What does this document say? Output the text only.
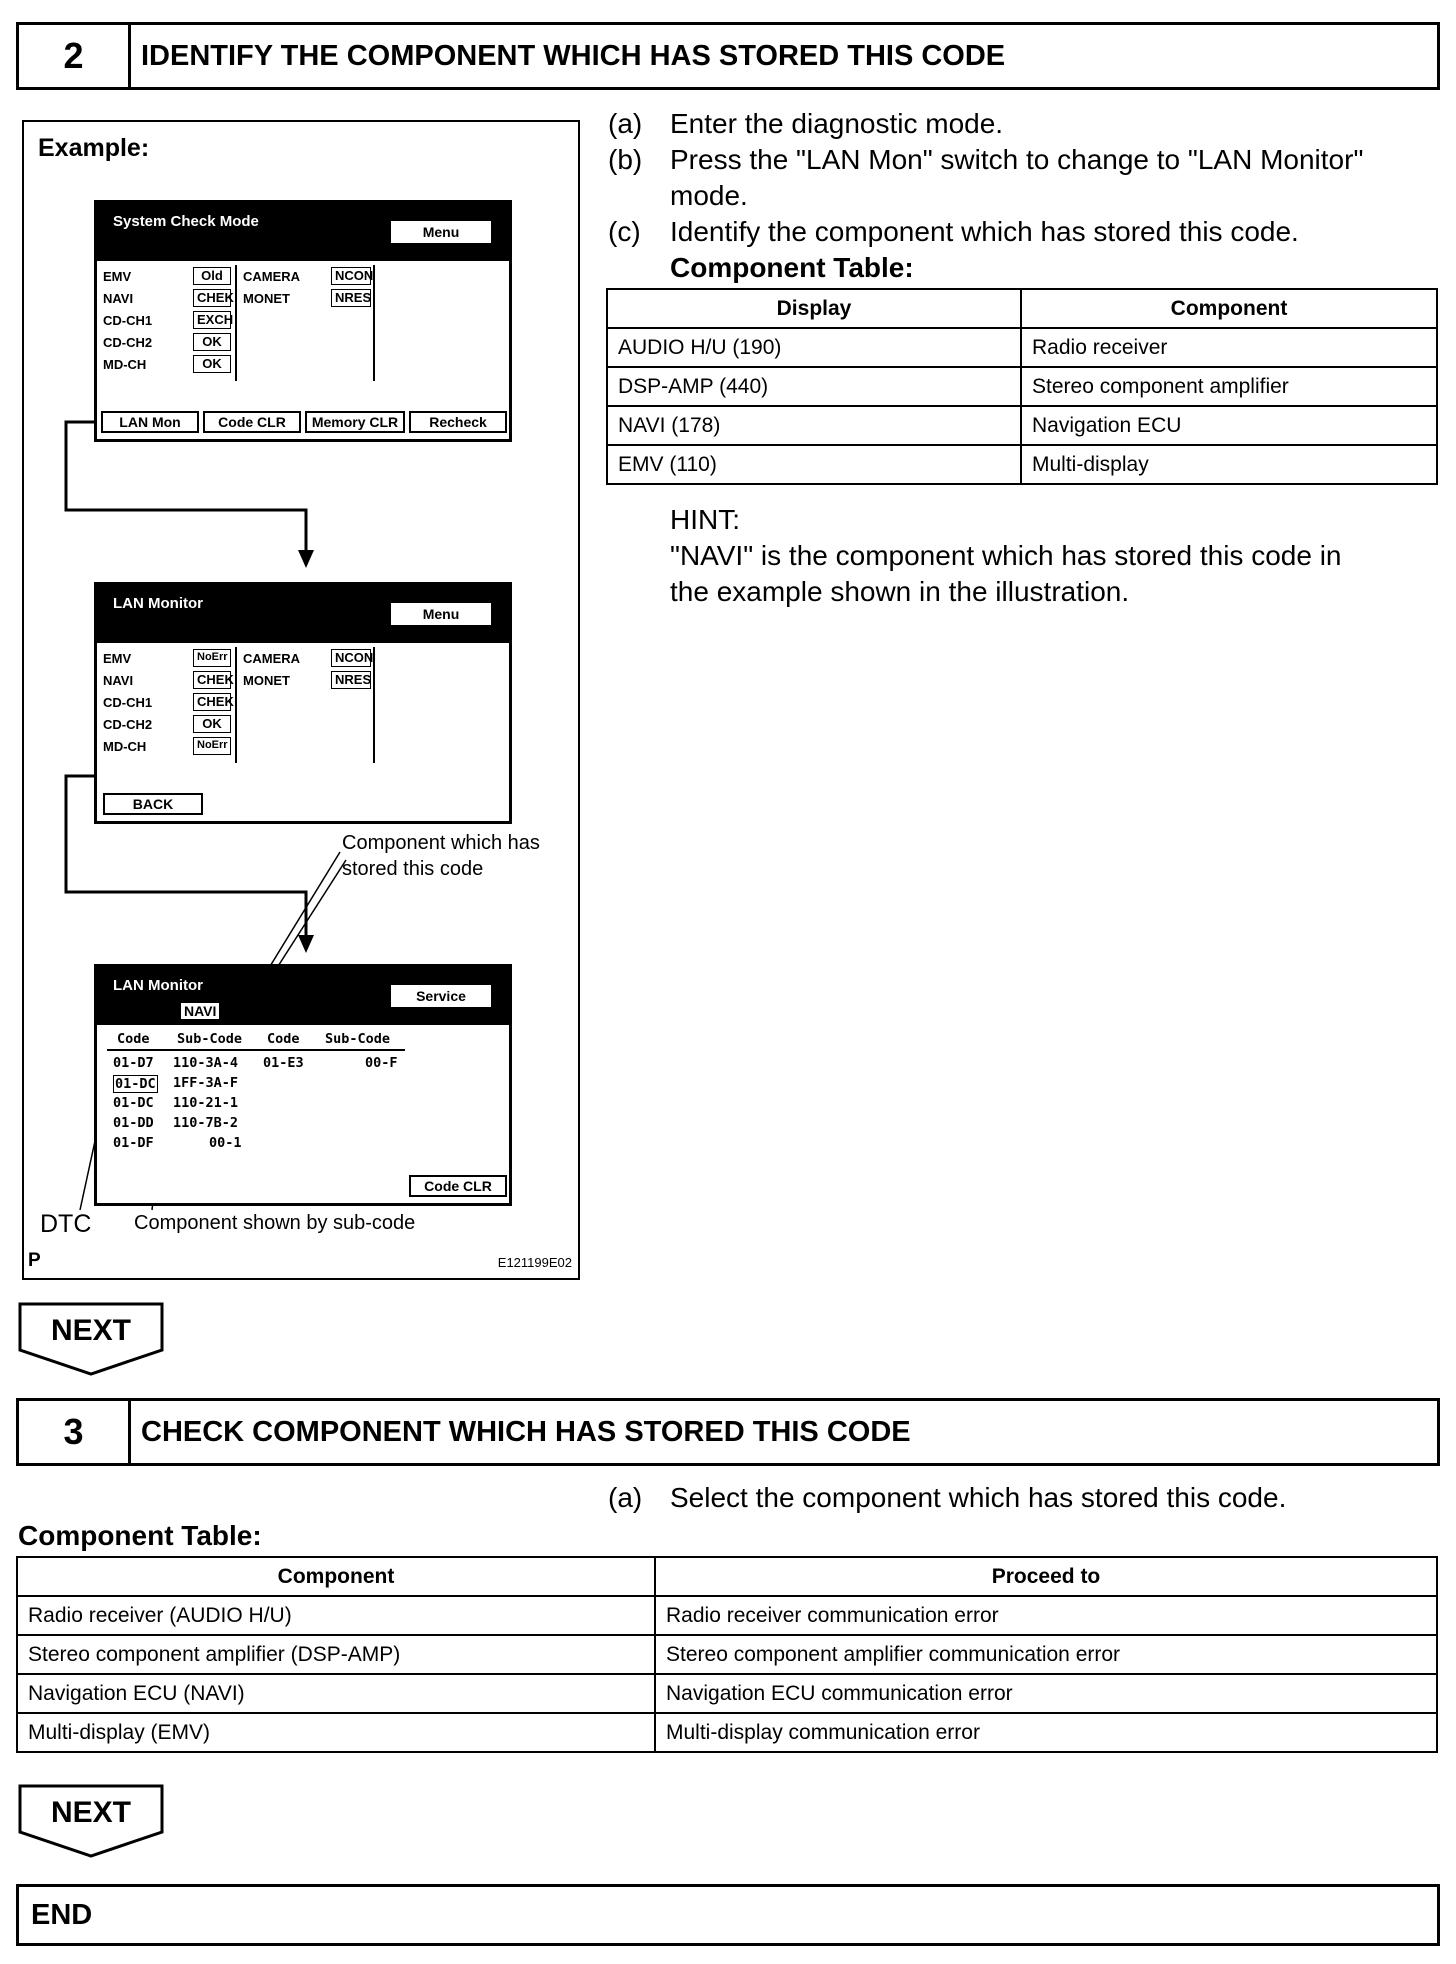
2	IDENTIFY THE COMPONENT WHICH HAS STORED THIS CODE
Example:
System Check Mode
Menu
EMV	Old
NAVI	CHEK
CD-CH1	EXCH
CD-CH2	OK
MD-CH	OK
CAMERA	NCON
MONET	NRES
LAN Mon	Code CLR	Memory CLR	Recheck
LAN Monitor
Menu
EMV	NoErr
NAVI	CHEK
CD-CH1	CHEK
CD-CH2	OK
MD-CH	NoErr
CAMERA	NCON
MONET	NRES
BACK
Component which has
stored this code
LAN Monitor
Service
NAVI
Code Sub-Code Code Sub-Code
01-D7 110-3A-4 01-E3	00-F
01-DC 1FF-3A-F
01-DC 110-21-1
01-DD 110-7B-2
01-DF	00-1
Code CLR
DTC Component shown by sub-code
P	E121199E02
(a) Enter the diagnostic mode.
(b) Press the "LAN Mon" switch to change to "LAN Monitor"
mode.
(c) Identify the component which has stored this code.
Component Table:
Display	Component
AUDIO H/U (190)	Radio receiver
DSP-AMP (440)	Stereo component amplifier
NAVI (178)	Navigation ECU
EMV (110)	Multi-display
HINT:
"NAVI" is the component which has stored this code in
the example shown in the illustration.
NEXT
3	CHECK COMPONENT WHICH HAS STORED THIS CODE
(a) Select the component which has stored this code.
Component Table:
Component	Proceed to
Radio receiver (AUDIO H/U)	Radio receiver communication error
Stereo component amplifier (DSP-AMP)	Stereo component amplifier communication error
Navigation ECU (NAVI)	Navigation ECU communication error
Multi-display (EMV)	Multi-display communication error
NEXT
END
